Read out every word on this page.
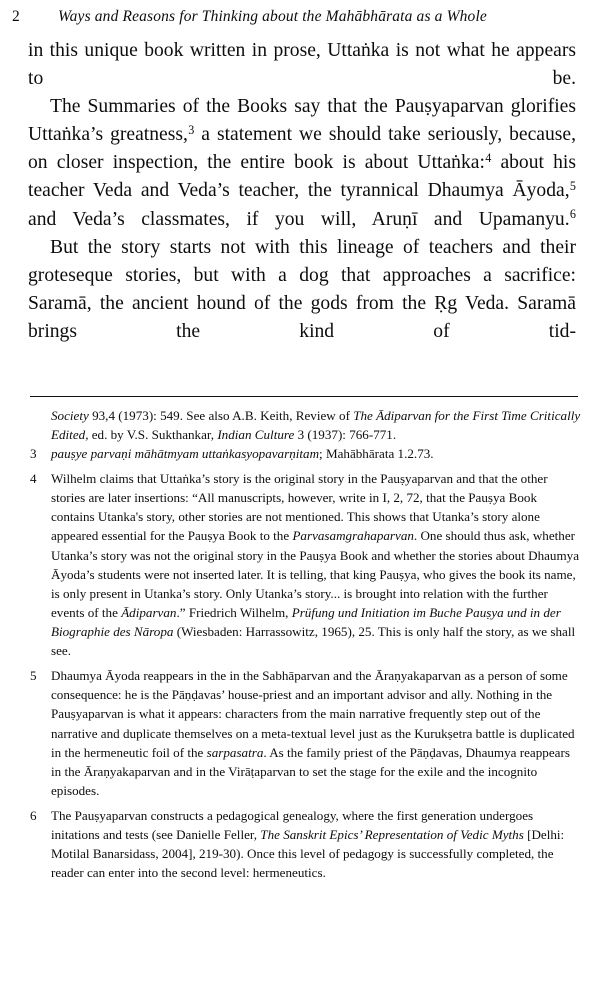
2 Ways and Reasons for Thinking about the Mahābhārata as a Whole

in this unique book written in prose, Uttaṅka is not what he appears to be.

The Summaries of the Books say that the Pauṣyaparvan glorifies Uttaṅka’s greatness,$^3$ a statement we should take seriously, because, on closer inspection, the entire book is about Uttaṅka:$^4$ about his teacher Veda and Veda’s teacher, the tyrannical Dhaumya Āyoda,$^5$ and Veda’s classmates, if you will, Aruṇī and Upamanyu.$^6$

But the story starts not with this lineage of teachers and their groteseque stories, but with a dog that approaches a sacrifice: Saramā, the ancient hound of the gods from the Ṛg Veda. Saramā brings the kind of tid-

Society 93,4 (1973): 549. See also A.B. Keith, Review of The Ādiparvan for the First Time Critically Edited, ed. by V.S. Sukthankar, Indian Culture 3 (1937): 766-771.

3	pauṣye parvaṇi māhātmyam uttaṅkasyopavarṇitam; Mahābhārata 1.2.73.
4	Wilhelm claims that Uttaṅka’s story is the original story in the Pauṣyaparvan and that the other stories are later insertions: “All manuscripts, however, write in I, 2, 72, that the Pauṣya Book contains Utanka's story, other stories are not mentioned. This shows that Utanka’s story alone appeared essential for the Pauṣya Book to the Parvasamgrahaparvan. One should thus ask, whether Utanka’s story was not the original story in the Pauṣya Book and whether the stories about Dhaumya Āyoda’s students were not inserted later. It is telling, that king Pauṣya, who gives the book its name, is only present in Utanka’s story. Only Utanka’s story... is brought into relation with the further events of the Ādiparvan.” Friedrich Wilhelm, Prüfung und Initiation im Buche Pauṣya und in der Biographie des Nāropa (Wiesbaden: Harrassowitz, 1965), 25. This is only half the story, as we shall see.
5	Dhaumya Āyoda reappears in the in the Sabhāparvan and the Āraṇyakaparvan as a person of some consequence: he is the Pāṇḍavas’ house-priest and an important advisor and ally. Nothing in the Pauṣyaparvan is what it appears: characters from the main narrative frequently step out of the narrative and duplicate themselves on a meta-textual level just as the Kurukṣetra battle is duplicated in the hermeneutic foil of the sarpasatra. As the family priest of the Pāṇḍavas, Dhaumya reappears in the Āraṇyakaparvan and in the Virāṭaparvan to set the stage for the exile and the incognito episodes.
6	The Pauṣyaparvan constructs a pedagogical genealogy, where the first generation undergoes initations and tests (see Danielle Feller, The Sanskrit Epics’ Representation of Vedic Myths [Delhi: Motilal Banarsidass, 2004], 219-30). Once this level of pedagogy is successfully completed, the reader can enter into the second level: hermeneutics.
